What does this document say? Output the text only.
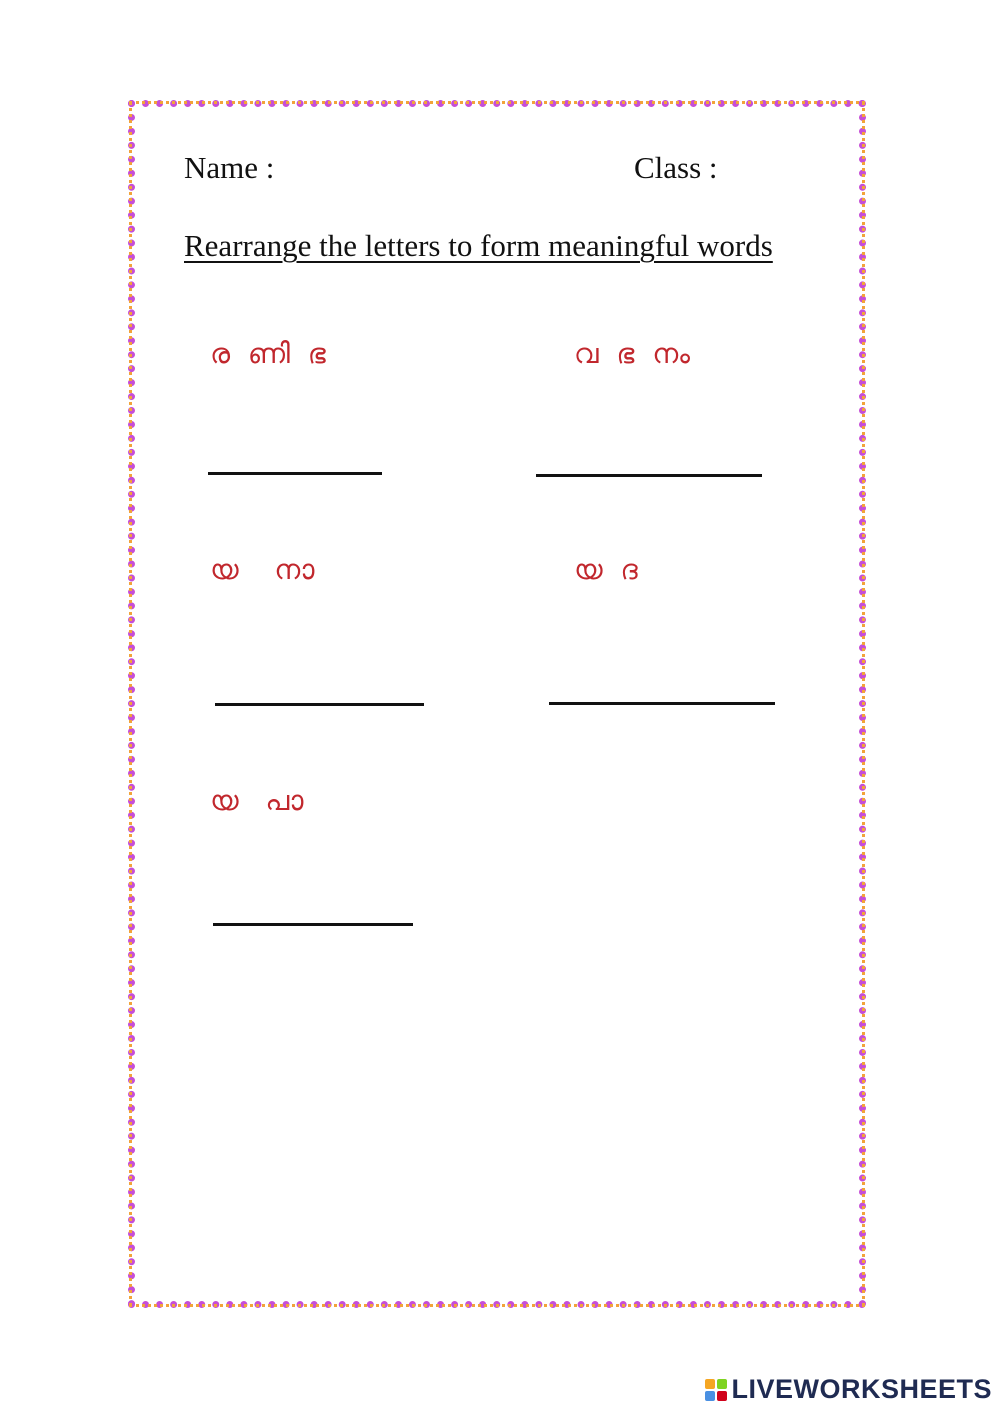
Name :	Class :
Rearrange the letters to form meaningful words
ര  ണി  ഭ	വ  ഭ  നം
യ    നാ	യ  ദ
യ   പാ
LIVEWORKSHEETS
